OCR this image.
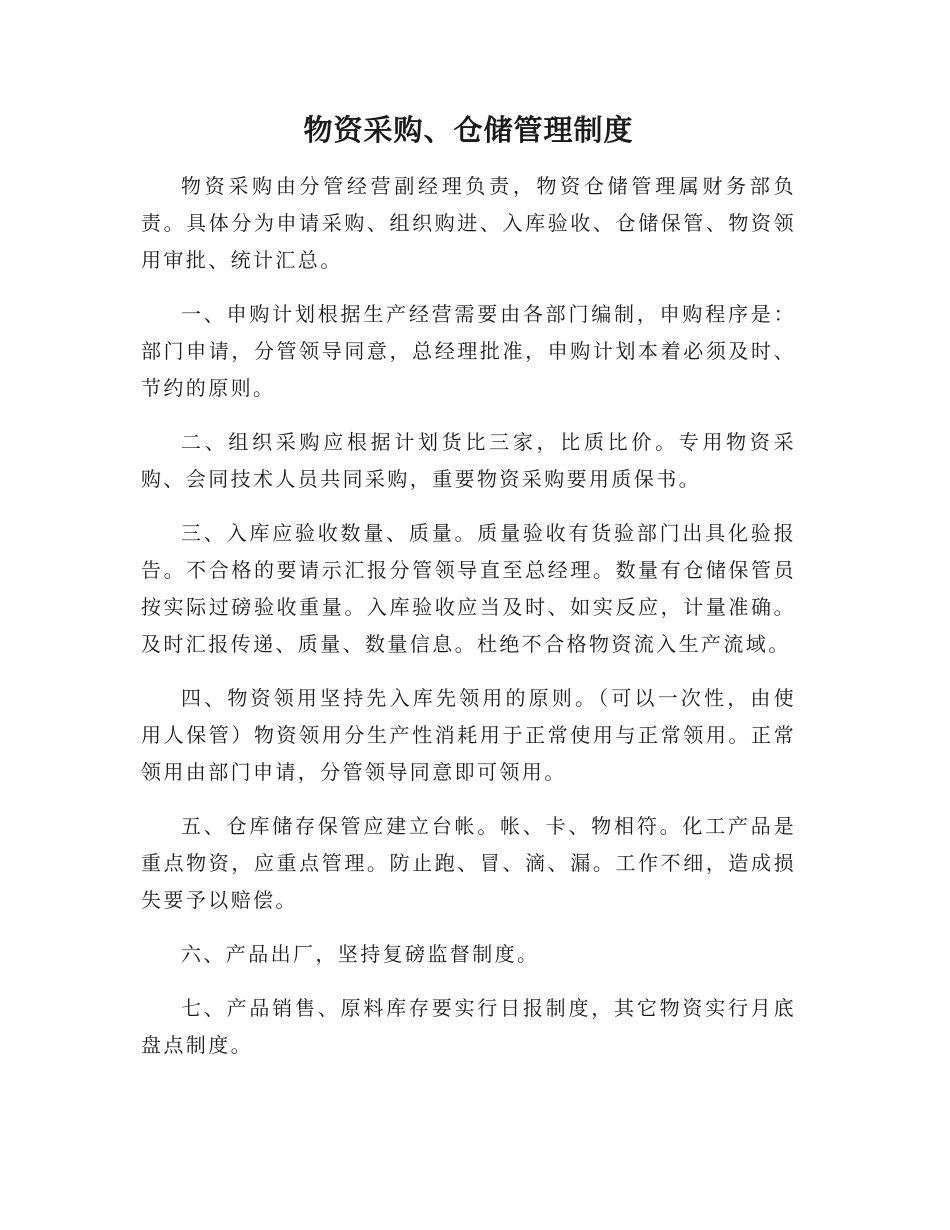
物资采购、仓储管理制度

物资采购由分管经营副经理负责，物资仓储管理属财务部负责。具体分为申请采购、组织购进、入库验收、仓储保管、物资领用审批、统计汇总。

一、申购计划根据生产经营需要由各部门编制，申购程序是：部门申请，分管领导同意，总经理批准，申购计划本着必须及时、节约的原则。

二、组织采购应根据计划货比三家，比质比价。专用物资采购、会同技术人员共同采购，重要物资采购要用质保书。

三、入库应验收数量、质量。质量验收有货验部门出具化验报告。不合格的要请示汇报分管领导直至总经理。数量有仓储保管员按实际过磅验收重量。入库验收应当及时、如实反应，计量准确。及时汇报传递、质量、数量信息。杜绝不合格物资流入生产流域。

四、物资领用坚持先入库先领用的原则。（可以一次性，由使用人保管）物资领用分生产性消耗用于正常使用与正常领用。正常领用由部门申请，分管领导同意即可领用。

五、仓库储存保管应建立台帐。帐、卡、物相符。化工产品是重点物资，应重点管理。防止跑、冒、滴、漏。工作不细，造成损失要予以赔偿。

六、产品出厂，坚持复磅监督制度。

七、产品销售、原料库存要实行日报制度，其它物资实行月底盘点制度。
